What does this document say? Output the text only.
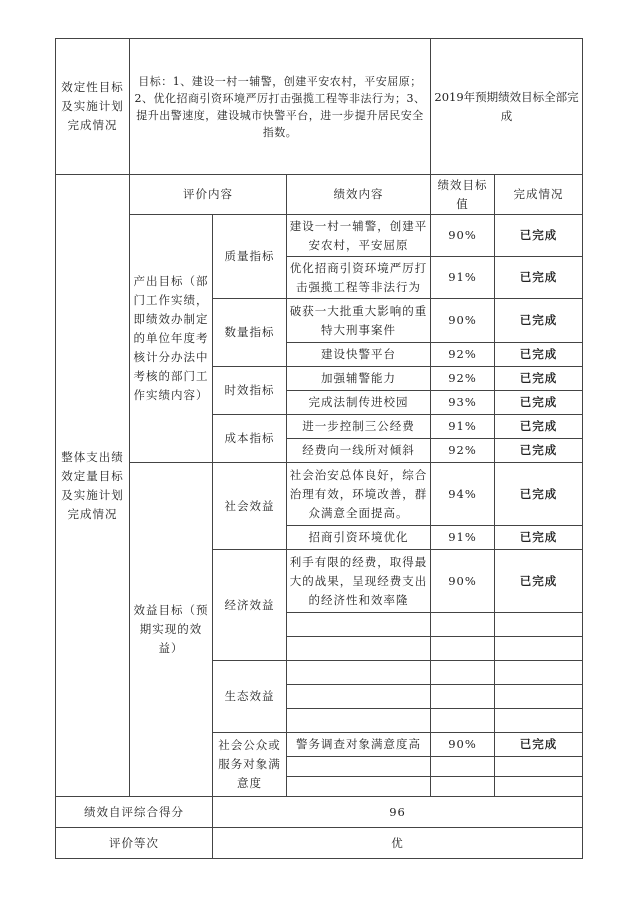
效定性目标及实施计划完成情况	目标：1、建设一村一辅警，创建平安农村，平安屈原；2、优化招商引资环境严厉打击强揽工程等非法行为；3、提升出警速度，建设城市快警平台，进一步提升居民安全指数。			2019年预期绩效目标全部完成	
整体支出绩效定量目标及实施计划完成情况	评价内容		绩效内容	绩效目标值	完成情况
	产出目标（部门工作实绩，即绩效办制定的单位年度考核计分办法中考核的部门工作实绩内容）	质量指标	建设一村一辅警，创建平安农村，平安屈原	90%	已完成
			优化招商引资环境严厉打击强揽工程等非法行为	91%	已完成
		数量指标	破获一大批重大影响的重特大刑事案件	90%	已完成
			建设快警平台	92%	已完成
		时效指标	加强辅警能力	92%	已完成
			完成法制传进校园	93%	已完成
		成本指标	进一步控制三公经费	91%	已完成
			经费向一线所对倾斜	92%	已完成
	效益目标（预期实现的效益）	社会效益	社会治安总体良好，综合治理有效，环境改善，群众满意全面提高。	94%	已完成
			招商引资环境优化	91%	已完成
		经济效益	利手有限的经费，取得最大的战果，呈现经费支出的经济性和效率隆	90%	已完成

		生态效益			

		社会公众或服务对象满意度	警务调查对象满意度高	90%	已完成

绩效自评综合得分		96			
评价等次		优			
